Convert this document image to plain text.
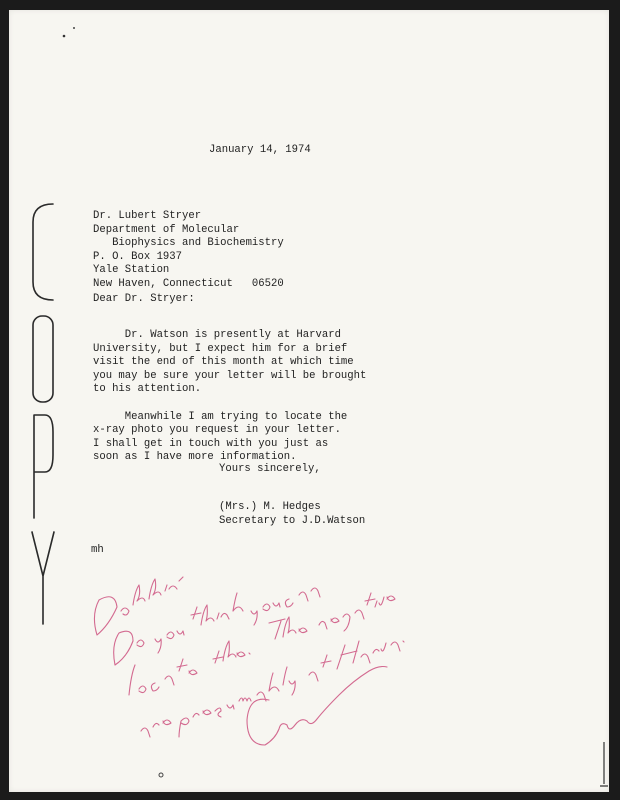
January 14, 1974

Dr. Lubert Stryer
Department of Molecular
Biophysics and Biochemistry
P. O. Box 1937
Yale Station
New Haven, Connecticut   06520

Dear Dr. Stryer:

Dr. Watson is presently at Harvard
University, but I expect him for a brief
visit the end of this month at which time
you may be sure your letter will be brought
to his attention.

Meanwhile I am trying to locate the
x-ray photo you request in your letter.
I shall get in touch with you just as
soon as I have more information.

Yours sincerely,

(Mrs.) M. Hedges
Secretary to J.D.Watson

mh
